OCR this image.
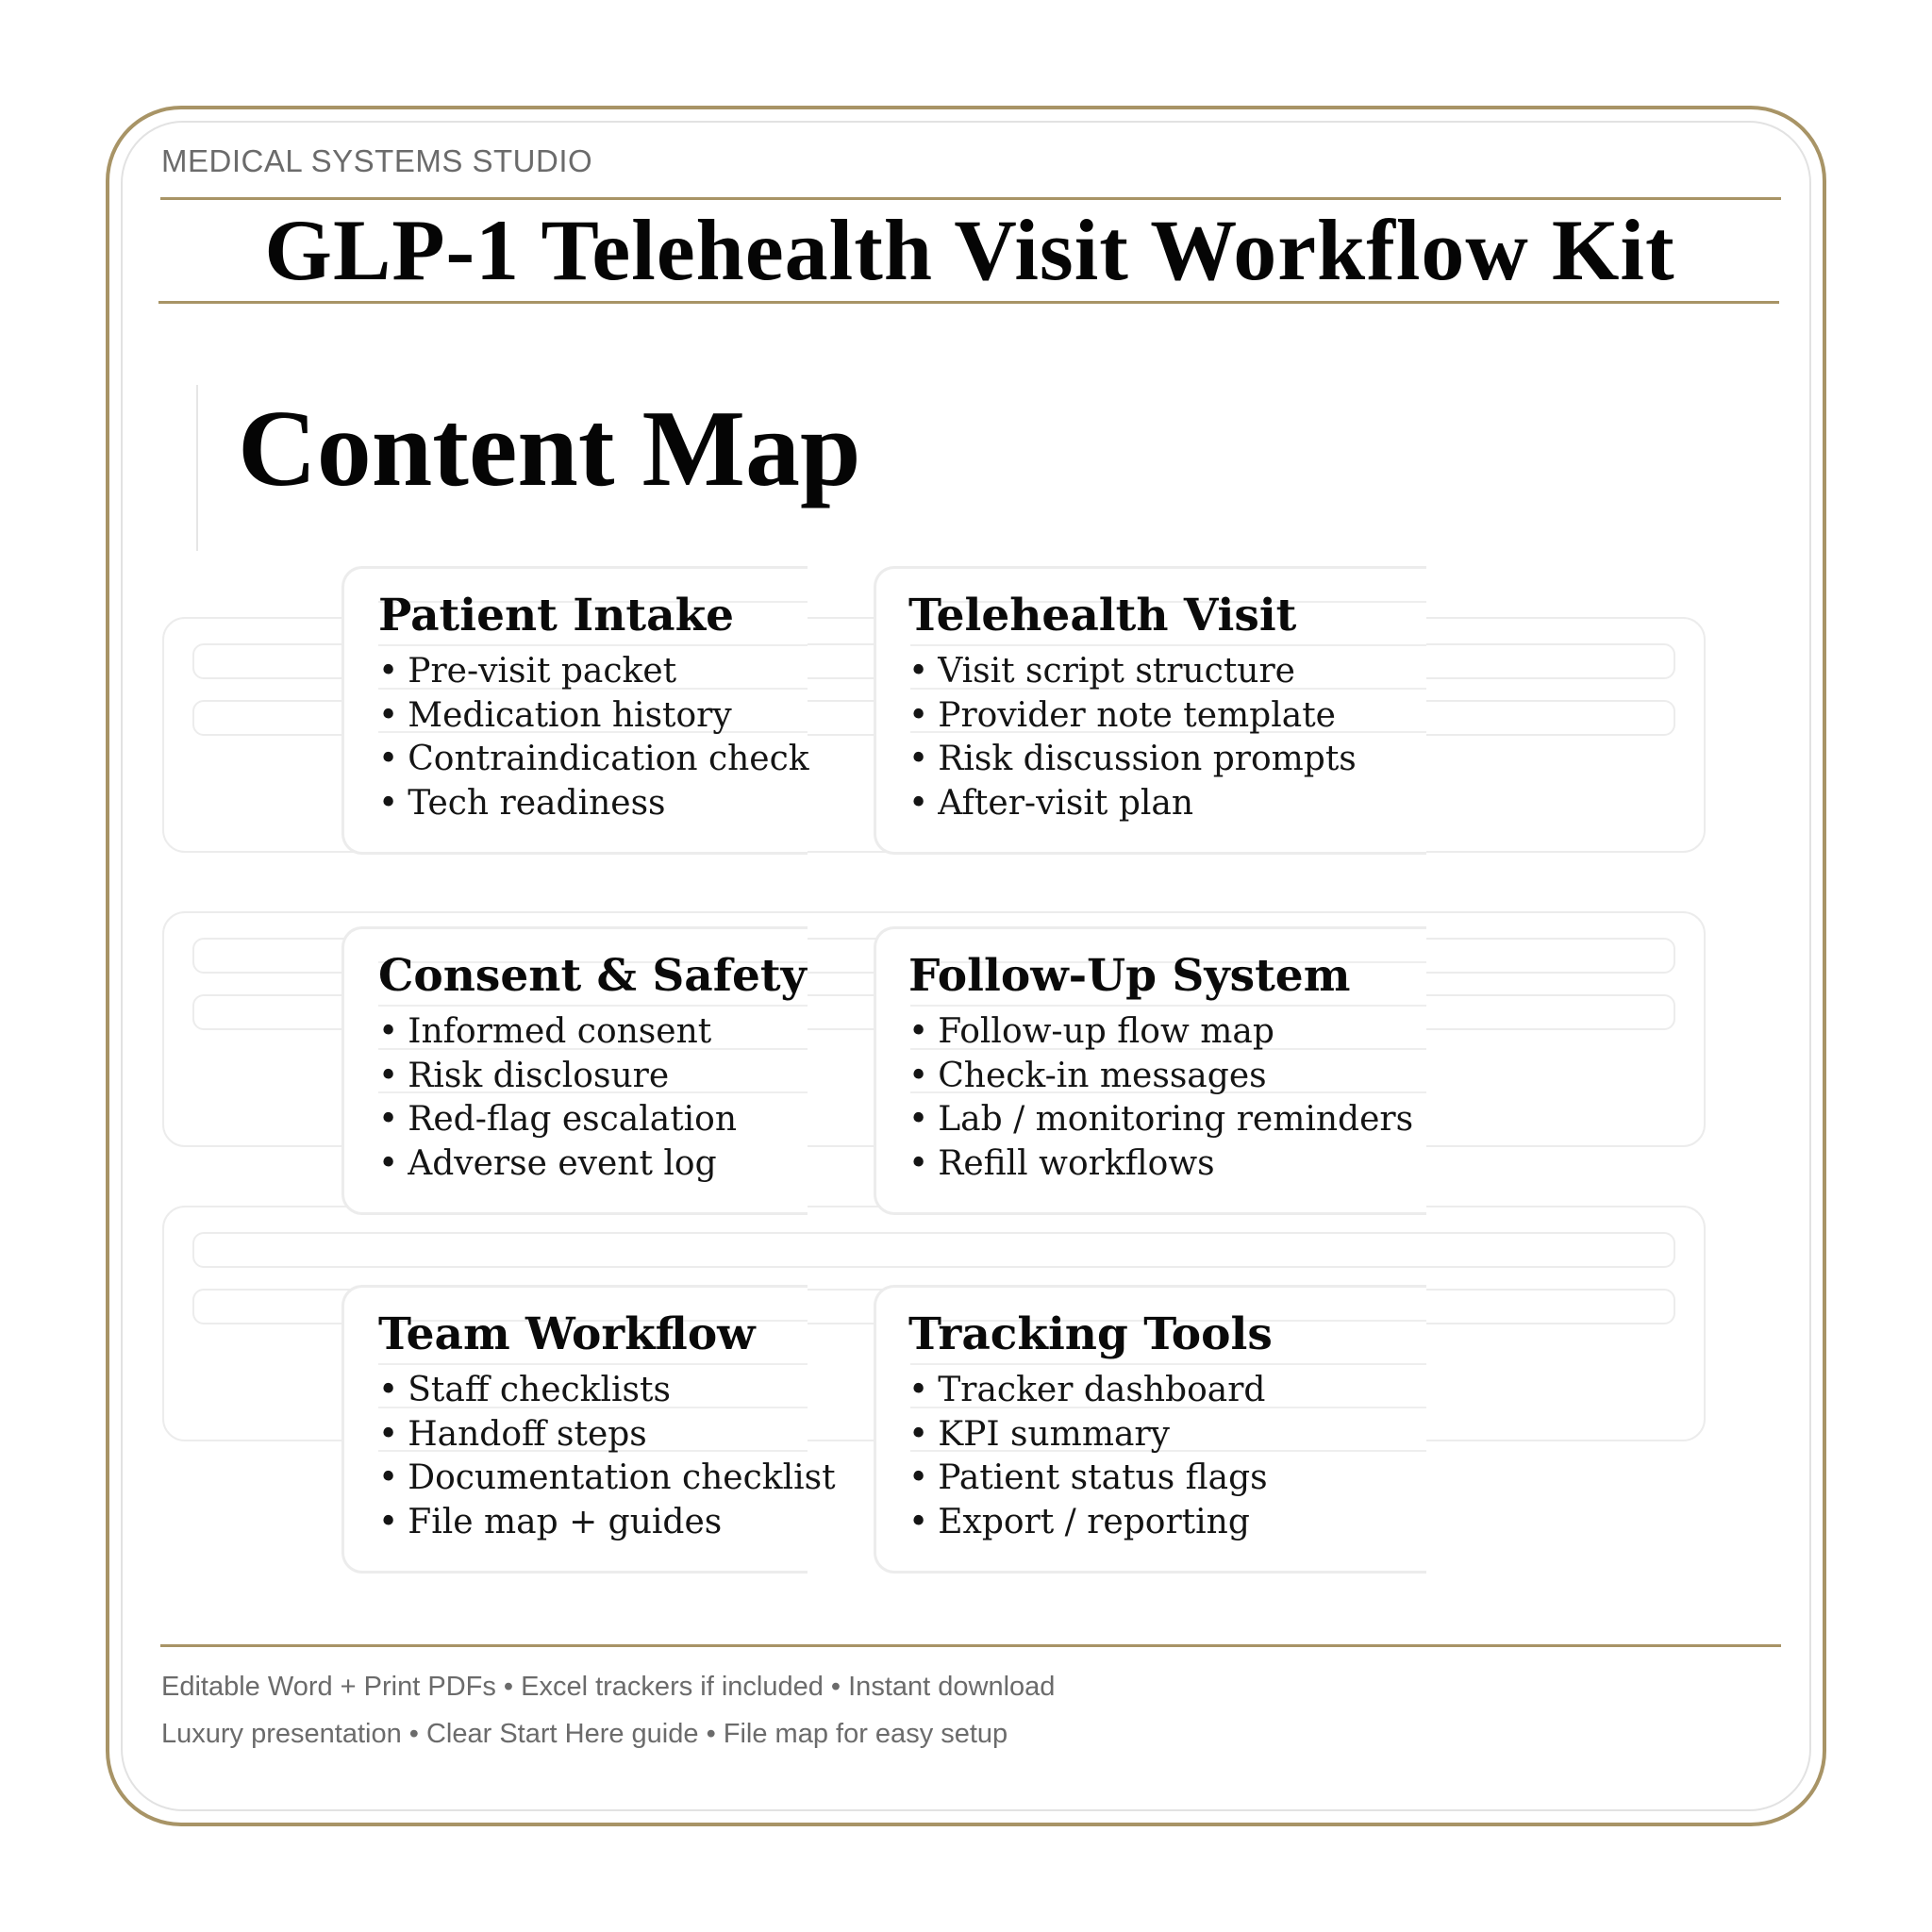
MEDICAL SYSTEMS STUDIO
GLP-1 Telehealth Visit Workflow Kit
Content Map
Patient Intake
• Pre-visit packet
• Medication history
• Contraindication check
• Tech readiness
Telehealth Visit
• Visit script structure
• Provider note template
• Risk discussion prompts
• After-visit plan
Consent & Safety
• Informed consent
• Risk disclosure
• Red-flag escalation
• Adverse event log
Follow-Up System
• Follow-up flow map
• Check-in messages
• Lab / monitoring reminders
• Refill workflows
Team Workflow
• Staff checklists
• Handoff steps
• Documentation checklist
• File map + guides
Tracking Tools
• Tracker dashboard
• KPI summary
• Patient status flags
• Export / reporting
Editable Word + Print PDFs • Excel trackers if included • Instant download
Luxury presentation • Clear Start Here guide • File map for easy setup
